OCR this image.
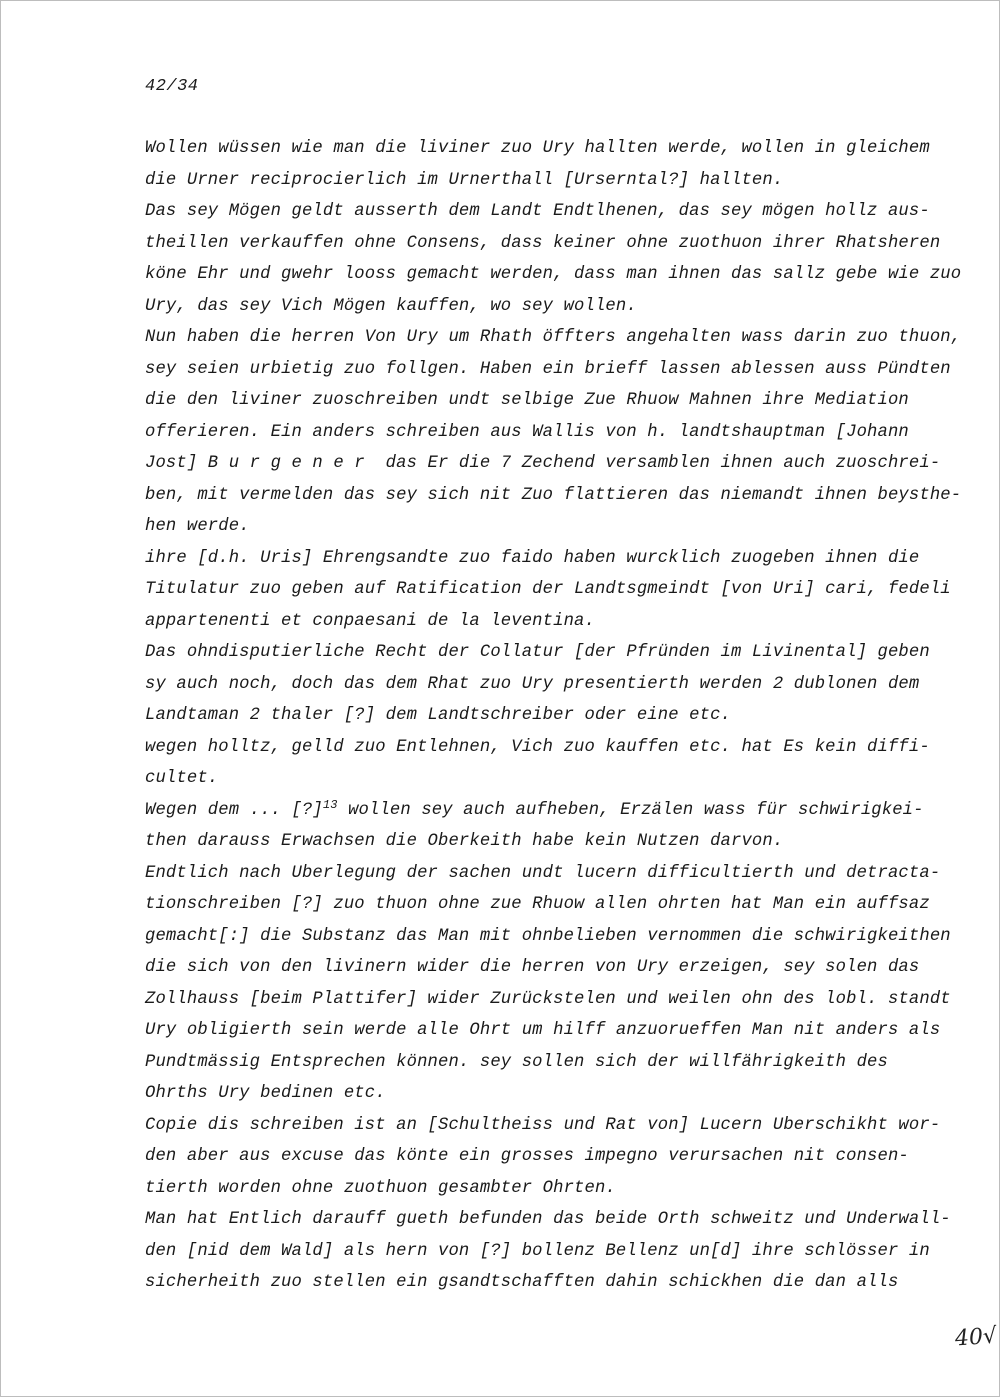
42/34
Wollen wüssen wie man die liviner zuo Ury hallten werde, wollen in gleichem
die Urner reciprocierlich im Urnerthall [Urserntal?] hallten.
Das sey Mögen geldt ausserth dem Landt Endtlhenen, das sey mögen hollz aus-
theillen verkauffen ohne Consens, dass keiner ohne zuothuon ihrer Rhatsheren
köne Ehr und gwehr looss gemacht werden, dass man ihnen das sallz gebe wie zuo
Ury, das sey Vich Mögen kauffen, wo sey wollen.
Nun haben die herren Von Ury um Rhath öffters angehalten wass darin zuo thuon,
sey seien urbietig zuo follgen. Haben ein brieff lassen ablessen auss Pündten
die den liviner zuoschreiben undt selbige Zue Rhuow Mahnen ihre Mediation
offerieren. Ein anders schreiben aus Wallis von h. landtshauptman [Johann
Jost] B u r g e n e r  das Er die 7 Zechend versamblen ihnen auch zuoschrei-
ben, mit vermelden das sey sich nit Zuo flattieren das niemandt ihnen beysthe-
hen werde.
ihre [d.h. Uris] Ehrengsandte zuo faido haben wurcklich zuogeben ihnen die
Titulatur zuo geben auf Ratification der Landtsgmeindt [von Uri] cari, fedeli
appartenenti et conpaesani de la leventina.
Das ohndisputierliche Recht der Collatur [der Pfründen im Livinental] geben
sy auch noch, doch das dem Rhat zuo Ury presentierth werden 2 dublonen dem
Landtaman 2 thaler [?] dem Landtschreiber oder eine etc.
wegen holltz, gelld zuo Entlehnen, Vich zuo kauffen etc. hat Es kein diffi-
cultet.
Wegen dem ... [?]$^{13}$ wollen sey auch aufheben, Erzälen wass für schwirigkei-
then darauss Erwachsen die Oberkeith habe kein Nutzen darvon.
Endtlich nach Uberlegung der sachen undt lucern difficultierth und detracta-
tionschreiben [?] zuo thuon ohne zue Rhuow allen ohrten hat Man ein auffsaz
gemacht[:] die Substanz das Man mit ohnbelieben vernommen die schwirigkeithen
die sich von den livinern wider die herren von Ury erzeigen, sey solen das
Zollhauss [beim Plattifer] wider Zurückstelen und weilen ohn des lobl. standt
Ury obligierth sein werde alle Ohrt um hilff anzuorueffen Man nit anders als
Pundtmässig Entsprechen können. sey sollen sich der willfährigkeith des
Ohrths Ury bedinen etc.
Copie dis schreiben ist an [Schultheiss und Rat von] Lucern Uberschikht wor-
den aber aus excuse das könte ein grosses impegno verursachen nit consen-
tierth worden ohne zuothuon gesambter Ohrten.
Man hat Entlich darauff gueth befunden das beide Orth schweitz und Underwall-
den [nid dem Wald] als hern von [?] bollenz Bellenz un[d] ihre schlösser in
sicherheith zuo stellen ein gsandtschafften dahin schickhen die dan alls
40√
